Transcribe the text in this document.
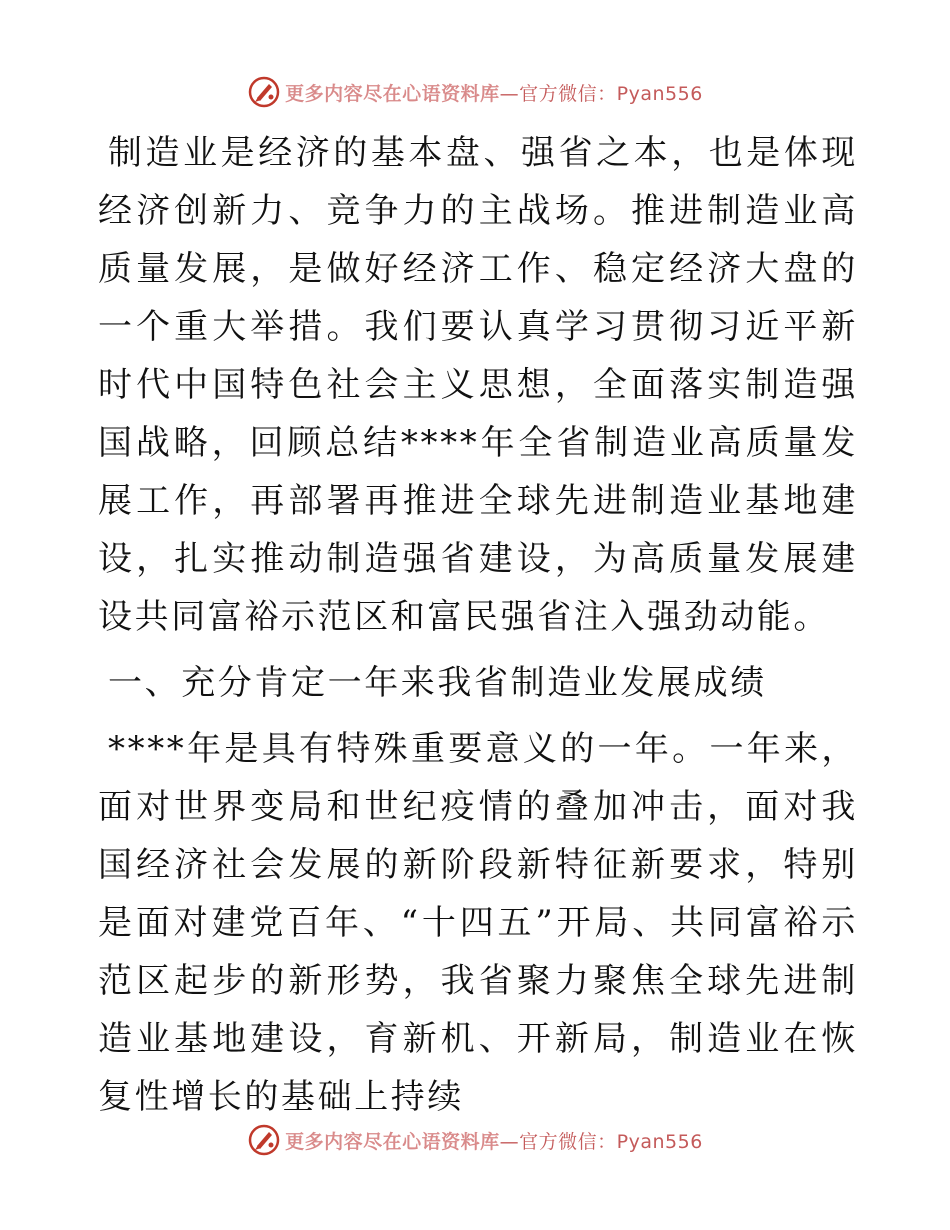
更多内容尽在心语资料库 —官方微信：Pyan556

制造业是经济的基本盘、强省之本，也是体现经济创新力、竞争力的主战场。推进制造业高质量发展，是做好经济工作、稳定经济大盘的一个重大举措。我们要认真学习贯彻习近平新时代中国特色社会主义思想，全面落实制造强国战略，回顾总结****年全省制造业高质量发展工作，再部署再推进全球先进制造业基地建设，扎实推动制造强省建设，为高质量发展建设共同富裕示范区和富民强省注入强劲动能。

一、充分肯定一年来我省制造业发展成绩

****年是具有特殊重要意义的一年。一年来，面对世界变局和世纪疫情的叠加冲击，面对我国经济社会发展的新阶段新特征新要求，特别是面对建党百年、“十四五”开局、共同富裕示范区起步的新形势，我省聚力聚焦全球先进制造业基地建设，育新机、开新局，制造业在恢复性增长的基础上持续

更多内容尽在心语资料库 —官方微信：Pyan556
